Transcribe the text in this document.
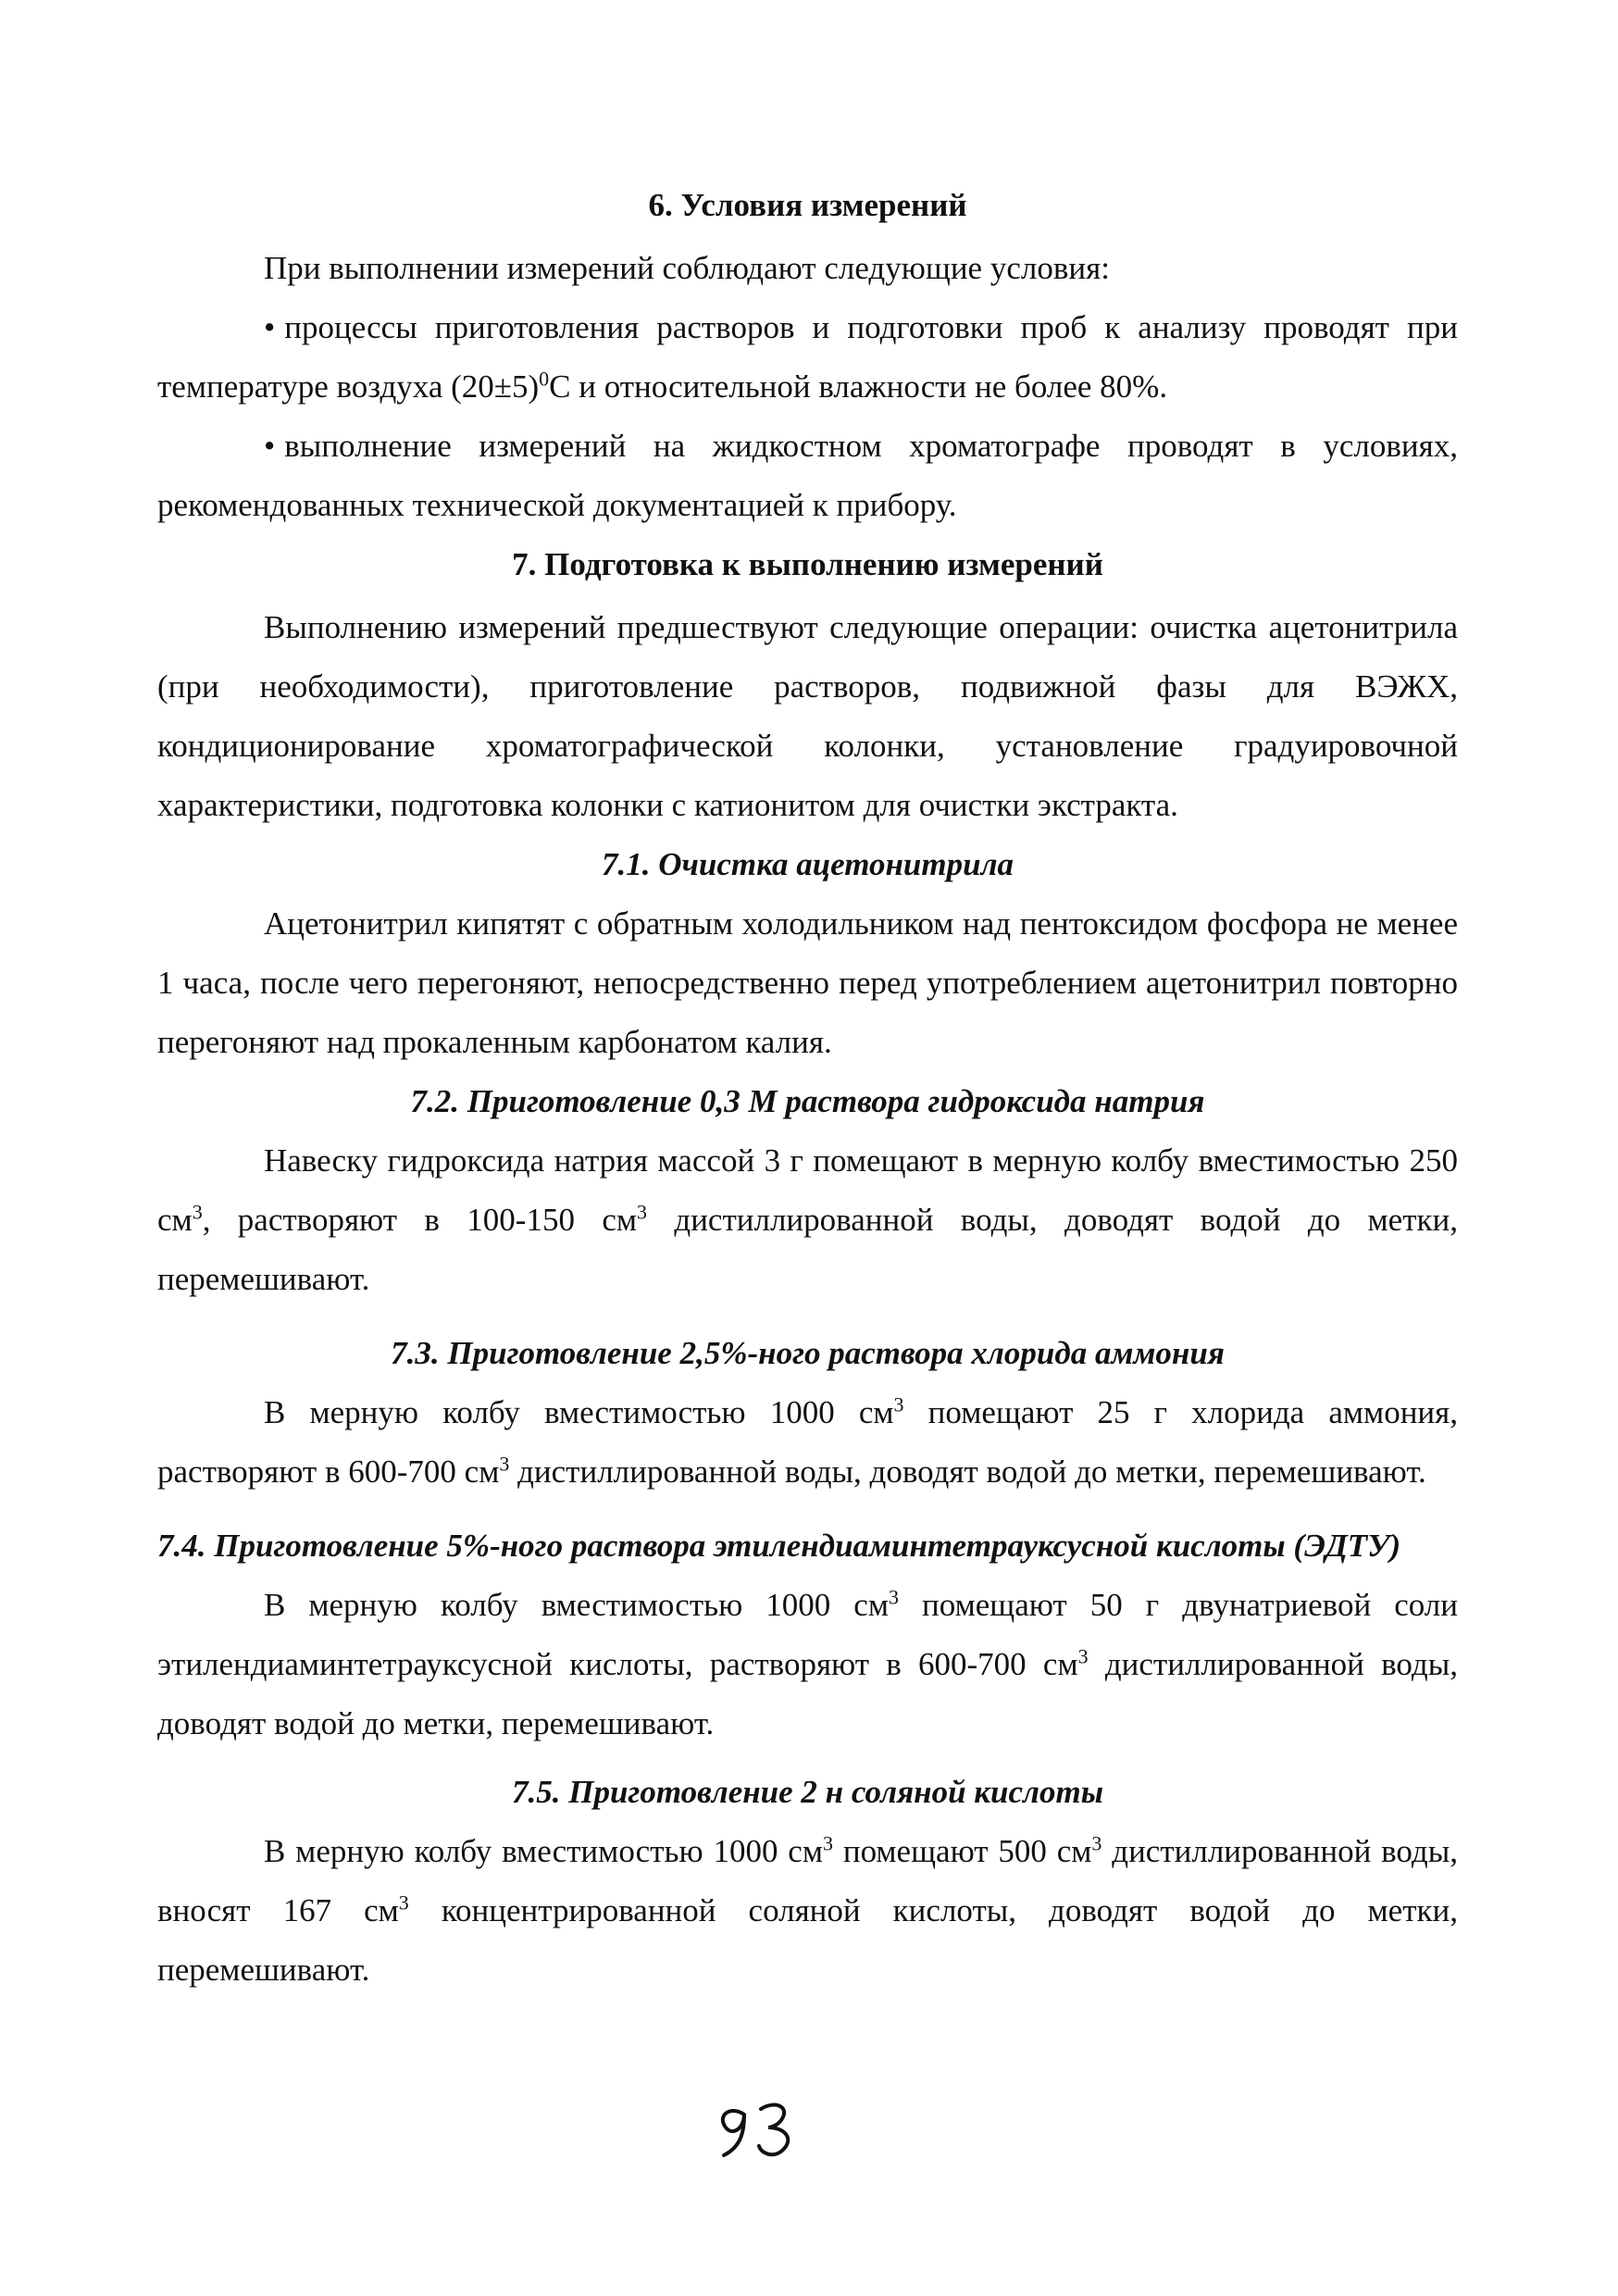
6. Условия измерений

При выполнении измерений соблюдают следующие условия:

• процессы приготовления растворов и подготовки проб к анализу проводят при температуре воздуха $(20\pm 5)^0С$ и относительной влажности не более 80%.

• выполнение измерений на жидкостном хроматографе проводят в условиях, рекомендованных технической документацией к прибору.

7. Подготовка к выполнению измерений

Выполнению измерений предшествуют следующие операции: очистка ацетонитрила (при необходимости), приготовление растворов, подвижной фазы для ВЭЖХ, кондиционирование хроматографической колонки, установление градуировочной характеристики, подготовка колонки с катионитом для очистки экстракта.

7.1. Очистка ацетонитрила

Ацетонитрил кипятят с обратным холодильником над пентоксидом фосфора не менее 1 часа, после чего перегоняют, непосредственно перед употреблением ацетонитрил повторно перегоняют над прокаленным карбонатом калия.

7.2. Приготовление 0,3 М раствора гидроксида натрия

Навеску гидроксида натрия массой 3 г помещают в мерную колбу вместимостью 250 $см^3$, растворяют в 100-150 $см^3$ дистиллированной воды, доводят водой до метки, перемешивают.

7.3. Приготовление 2,5%-ного раствора хлорида аммония

В мерную колбу вместимостью 1000 $см^3$ помещают 25 г хлорида аммония, растворяют в 600-700 $см^3$ дистиллированной воды, доводят водой до метки, перемешивают.

7.4. Приготовление 5%-ного раствора этилендиаминтетрауксусной кислоты (ЭДТУ)

В мерную колбу вместимостью 1000 $см^3$ помещают 50 г двунатриевой соли этилендиаминтетрауксусной кислоты, растворяют в 600-700 $см^3$ дистиллированной воды, доводят водой до метки, перемешивают.

7.5. Приготовление 2 н соляной кислоты

В мерную колбу вместимостью 1000 $см^3$ помещают 500 $см^3$ дистиллированной воды, вносят 167 $см^3$ концентрированной соляной кислоты, доводят водой до метки, перемешивают.
